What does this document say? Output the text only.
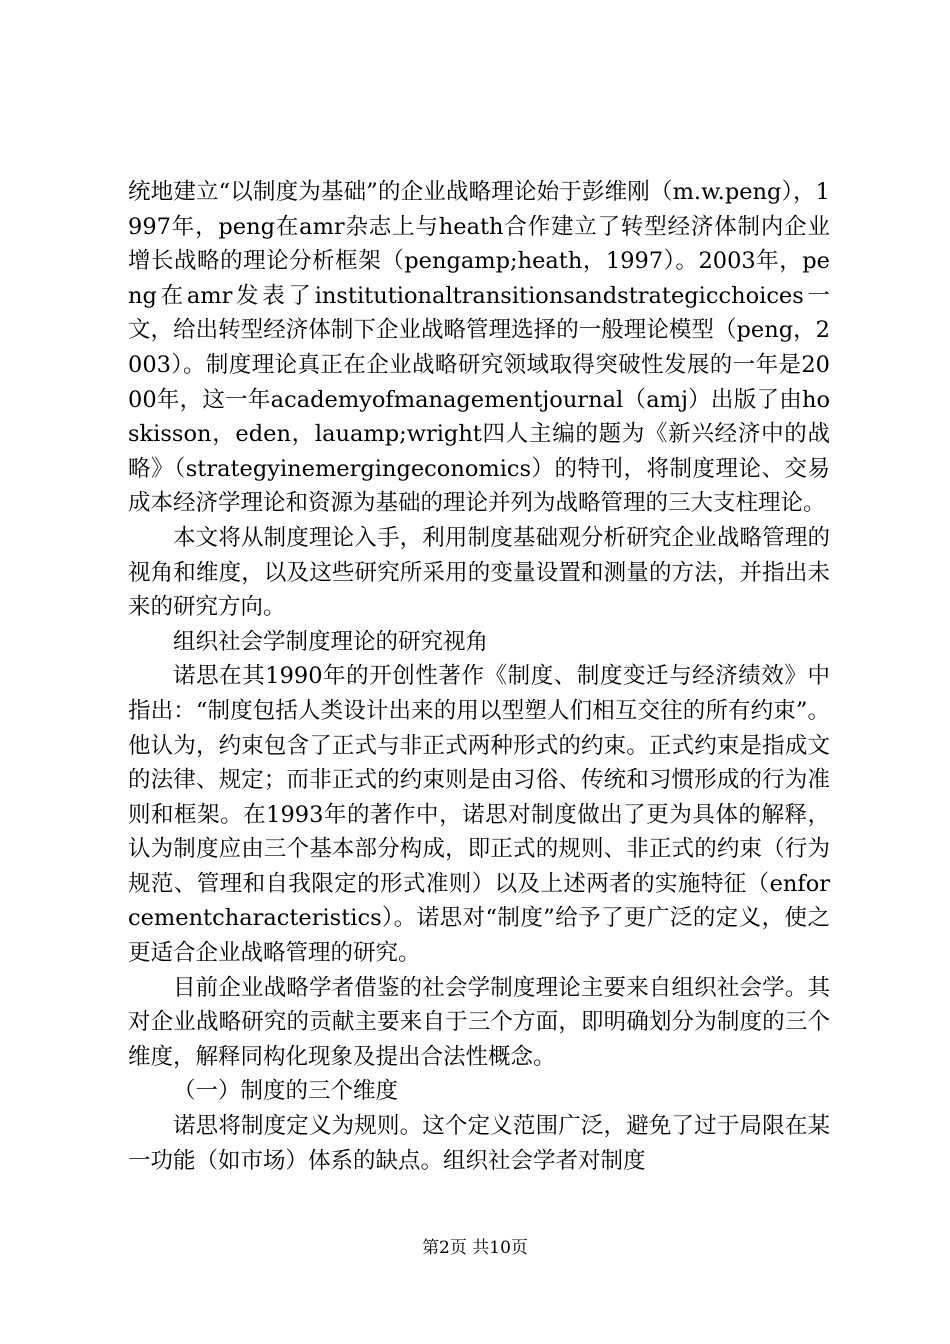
统地建立“以制度为基础”的企业战略理论始于彭维刚（m.w.peng），1997年，peng在amr杂志上与heath合作建立了转型经济体制内企业增长战略的理论分析框架（pengamp;heath，1997）。2003年，peng在amr发表了institutionaltransitionsandstrategicchoices一文，给出转型经济体制下企业战略管理选择的一般理论模型（peng，2003）。制度理论真正在企业战略研究领域取得突破性发展的一年是2000年，这一年academyofmanagementjournal（amj）出版了由hoskisson，eden，lauamp;wright四人主编的题为《新兴经济中的战略》（strategyinemergingeconomics）的特刊，将制度理论、交易成本经济学理论和资源为基础的理论并列为战略管理的三大支柱理论。

本文将从制度理论入手，利用制度基础观分析研究企业战略管理的视角和维度，以及这些研究所采用的变量设置和测量的方法，并指出未来的研究方向。

组织社会学制度理论的研究视角

诺思在其1990年的开创性著作《制度、制度变迁与经济绩效》中指出：“制度包括人类设计出来的用以型塑人们相互交往的所有约束”。他认为，约束包含了正式与非正式两种形式的约束。正式约束是指成文的法律、规定；而非正式的约束则是由习俗、传统和习惯形成的行为准则和框架。在1993年的著作中，诺思对制度做出了更为具体的解释，认为制度应由三个基本部分构成，即正式的规则、非正式的约束（行为规范、管理和自我限定的形式准则）以及上述两者的实施特征（enforcementcharacteristics）。诺思对“制度”给予了更广泛的定义，使之更适合企业战略管理的研究。

目前企业战略学者借鉴的社会学制度理论主要来自组织社会学。其对企业战略研究的贡献主要来自于三个方面，即明确划分为制度的三个维度，解释同构化现象及提出合法性概念。

（一）制度的三个维度

诺思将制度定义为规则。这个定义范围广泛，避免了过于局限在某一功能（如市场）体系的缺点。组织社会学者对制度

第2页 共10页
